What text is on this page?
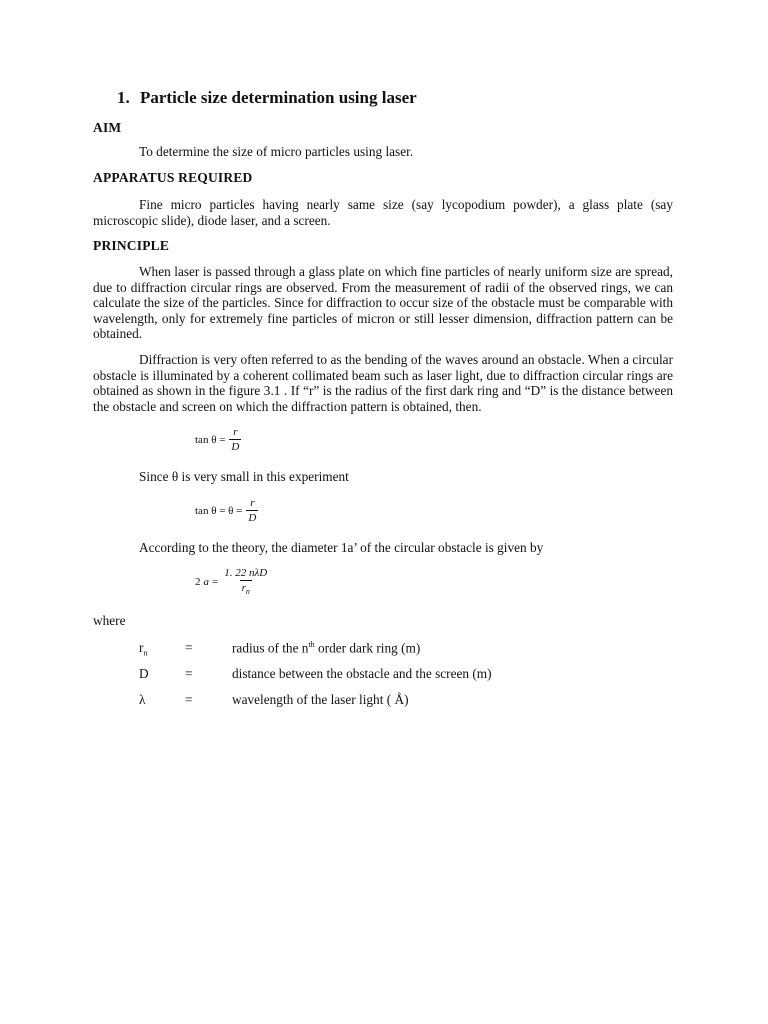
1. Particle size determination using laser
AIM
To determine the size of micro particles using laser.
APPARATUS REQUIRED
Fine micro particles having nearly same size (say lycopodium powder), a glass plate (say microscopic slide), diode laser, and a screen.
PRINCIPLE
When laser is passed through a glass plate on which fine particles of nearly uniform size are spread, due to diffraction circular rings are observed. From the measurement of radii of the observed rings, we can calculate the size of the particles. Since for diffraction to occur size of the obstacle must be comparable with wavelength, only for extremely fine particles of micron or still lesser dimension, diffraction pattern can be obtained.
Diffraction is very often referred to as the bending of the waves around an obstacle. When a circular obstacle is illuminated by a coherent collimated beam such as laser light, due to diffraction circular rings are obtained as shown in the figure 3.1 . If “r” is the radius of the first dark ring and “D” is the distance between the obstacle and screen on which the diffraction pattern is obtained, then.
$\tan \theta = \frac{r}{D}$
Since θ is very small in this experiment
$\tan \theta = \theta = \frac{r}{D}$
According to the theory, the diameter 1a’ of the circular obstacle is given by
2 $a = \frac{\text{1. 22 nλD}}{r_n}$
where
$r_n$	=	radius of the $n^{th}$ order dark ring (m)
D	=	distance between the obstacle and the screen (m)
λ	=	wavelength of the laser light ( Å)
